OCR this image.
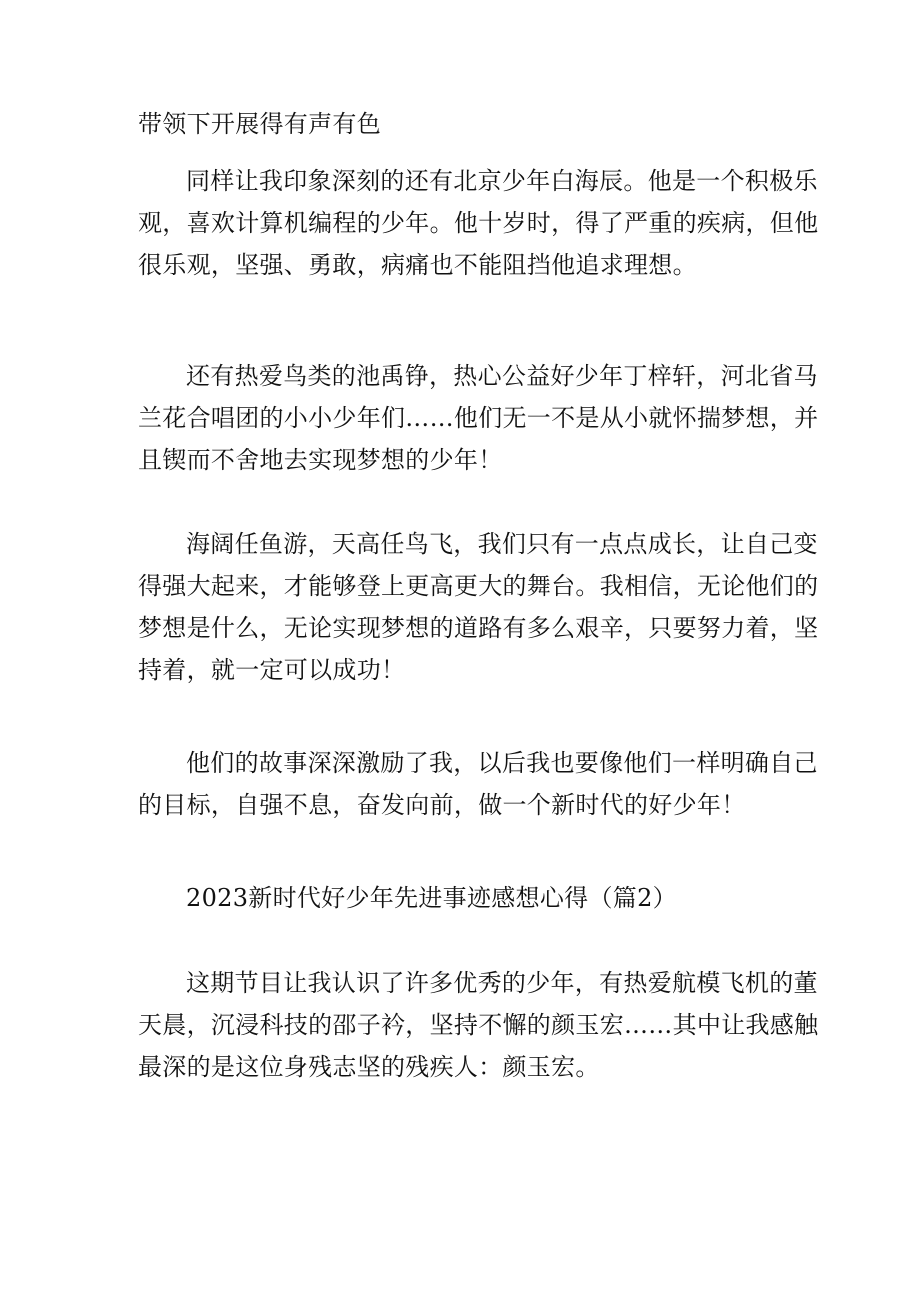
带领下开展得有声有色

同样让我印象深刻的还有北京少年白海辰。他是一个积极乐
观，喜欢计算机编程的少年。他十岁时，得了严重的疾病，但他
很乐观，坚强、勇敢，病痛也不能阻挡他追求理想。

还有热爱鸟类的池禹铮，热心公益好少年丁梓轩，河北省马
兰花合唱团的小小少年们……他们无一不是从小就怀揣梦想，并
且锲而不舍地去实现梦想的少年！

海阔任鱼游，天高任鸟飞，我们只有一点点成长，让自己变
得强大起来，才能够登上更高更大的舞台。我相信，无论他们的
梦想是什么，无论实现梦想的道路有多么艰辛，只要努力着，坚
持着，就一定可以成功！

他们的故事深深激励了我，以后我也要像他们一样明确自己
的目标，自强不息，奋发向前，做一个新时代的好少年！

2023新时代好少年先进事迹感想心得（篇2）

这期节目让我认识了许多优秀的少年，有热爱航模飞机的董
天晨，沉浸科技的邵子衿，坚持不懈的颜玉宏……其中让我感触
最深的是这位身残志坚的残疾人：颜玉宏。
